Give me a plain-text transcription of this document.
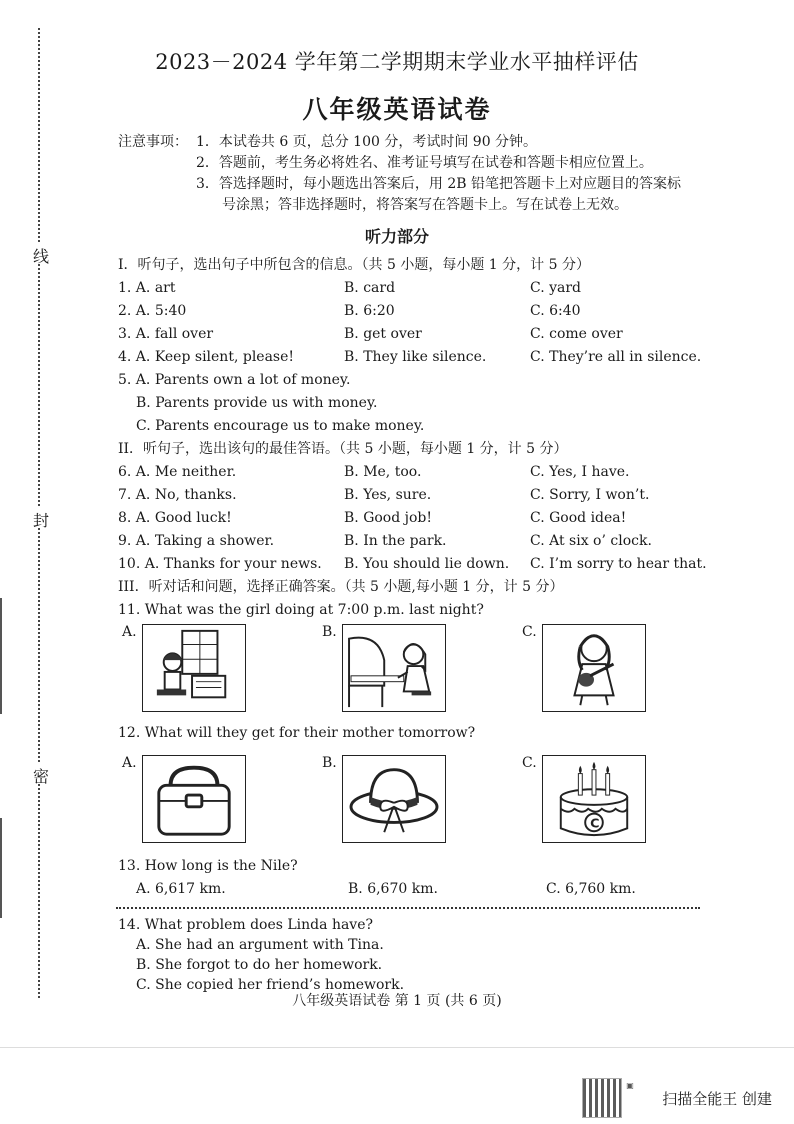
线
封
密
2023－2024 学年第二学期期末学业水平抽样评估
八年级英语试卷
注意事项： 1．本试卷共 6 页，总分 100 分，考试时间 90 分钟。
2．答题前，考生务必将姓名、准考证号填写在试卷和答题卡相应位置上。
3．答选择题时，每小题选出答案后，用 2B 铅笔把答题卡上对应题目的答案标
号涂黑；答非选择题时，将答案写在答题卡上。写在试卷上无效。
听力部分
I．听句子，选出句子中所包含的信息。（共 5 小题，每小题 1 分，计 5 分）
1. A. art	B. card	C. yard
2. A. 5:40	B. 6:20	C. 6:40
3. A. fall over	B. get over	C. come over
4. A. Keep silent, please!	B. They like silence.	C. They’re all in silence.
5. A. Parents own a lot of money.
B. Parents provide us with money.
C. Parents encourage us to make money.
II．听句子，选出该句的最佳答语。（共 5 小题，每小题 1 分，计 5 分）
6. A. Me neither.	B. Me, too.	C. Yes, I have.
7. A. No, thanks.	B. Yes, sure.	C. Sorry, I won’t.
8. A. Good luck!	B. Good job!	C. Good idea!
9. A. Taking a shower.	B. In the park.	C. At six o’ clock.
10. A. Thanks for your news.	B. You should lie down.	C. I’m sorry to hear that.
III．听对话和问题，选择正确答案。（共 5 小题,每小题 1 分，计 5 分）
11. What was the girl doing at 7:00 p.m. last night?
A.	B.	C.
12. What will they get for their mother tomorrow?
A.	B.	C.
C
13. How long is the Nile?
A. 6,617 km.	B. 6,670 km.	C. 6,760 km.
14. What problem does Linda have?
A. She had an argument with Tina.
B. She forgot to do her homework.
C. She copied her friend’s homework.
八年级英语试卷 第 1 页 (共 6 页)
▣
扫描全能王 创建
